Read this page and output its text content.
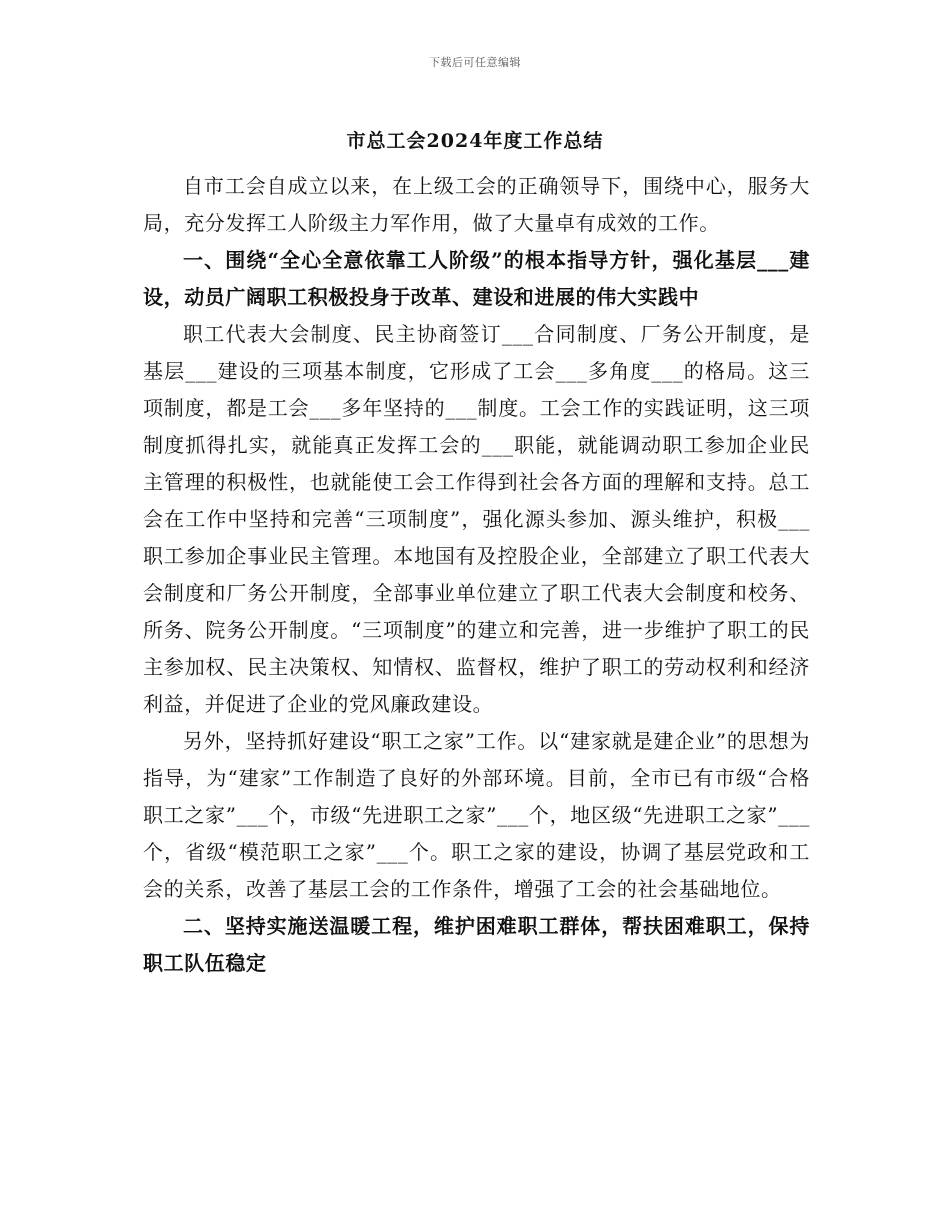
下载后可任意编辑
市总工会2024年度工作总结

自市工会自成立以来，在上级工会的正确领导下，围绕中心，服务大局，充分发挥工人阶级主力军作用，做了大量卓有成效的工作。

一、围绕“全心全意依靠工人阶级”的根本指导方针，强化基层___建设，动员广阔职工积极投身于改革、建设和进展的伟大实践中

职工代表大会制度、民主协商签订___合同制度、厂务公开制度，是基层___建设的三项基本制度，它形成了工会___多角度___的格局。这三项制度，都是工会___多年坚持的___制度。工会工作的实践证明，这三项制度抓得扎实，就能真正发挥工会的___职能，就能调动职工参加企业民主管理的积极性，也就能使工会工作得到社会各方面的理解和支持。总工会在工作中坚持和完善“三项制度”，强化源头参加、源头维护，积极___职工参加企事业民主管理。本地国有及控股企业，全部建立了职工代表大会制度和厂务公开制度，全部事业单位建立了职工代表大会制度和校务、所务、院务公开制度。“三项制度”的建立和完善，进一步维护了职工的民主参加权、民主决策权、知情权、监督权，维护了职工的劳动权利和经济利益，并促进了企业的党风廉政建设。

另外，坚持抓好建设“职工之家”工作。以“建家就是建企业”的思想为指导，为“建家”工作制造了良好的外部环境。目前，全市已有市级“合格职工之家”___个，市级“先进职工之家”___个，地区级“先进职工之家”___个，省级“模范职工之家”___个。职工之家的建设，协调了基层党政和工会的关系，改善了基层工会的工作条件，增强了工会的社会基础地位。

二、坚持实施送温暖工程，维护困难职工群体，帮扶困难职工，保持职工队伍稳定
